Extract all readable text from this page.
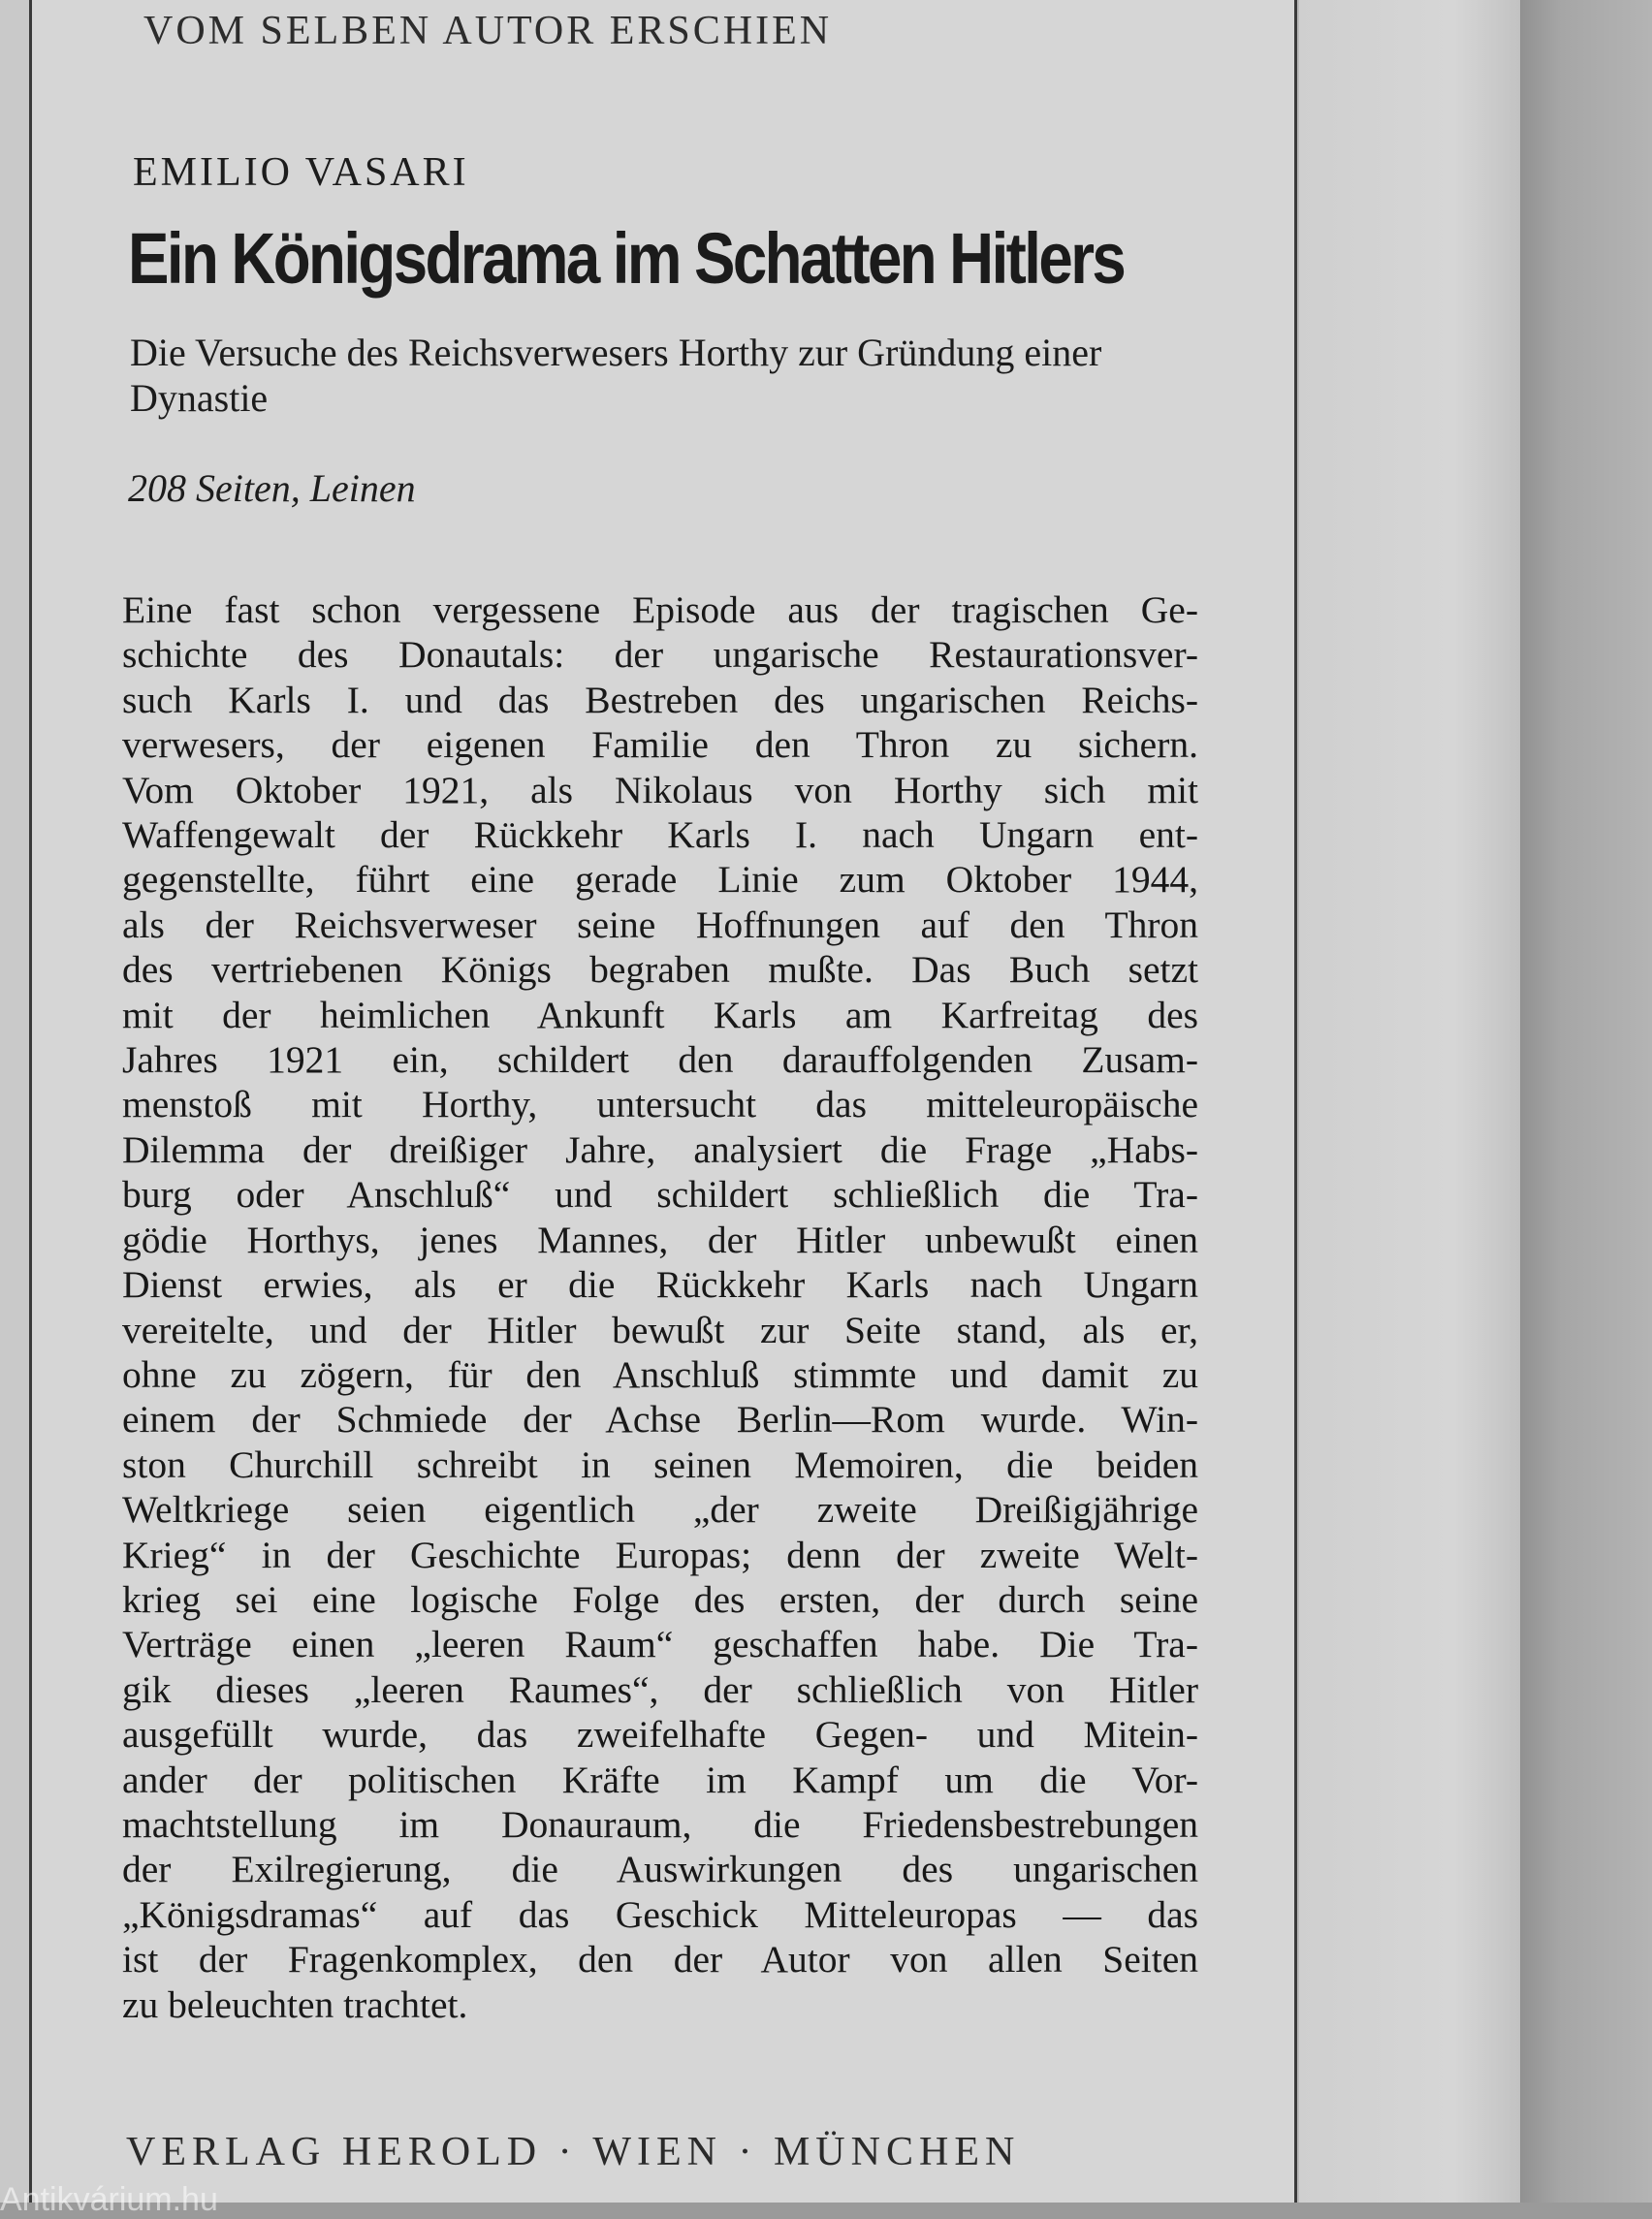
VOM SELBEN AUTOR ERSCHIEN
EMILIO VASARI
Ein Königsdrama im Schatten Hitlers
Die Versuche des Reichsverwesers Horthy zur Gründung einer Dynastie
208 Seiten, Leinen
Eine fast schon vergessene Episode aus der tragischen Ge-
schichte des Donautals: der ungarische Restaurationsver-
such Karls I. und das Bestreben des ungarischen Reichs-
verwesers, der eigenen Familie den Thron zu sichern.
Vom Oktober 1921, als Nikolaus von Horthy sich mit
Waffengewalt der Rückkehr Karls I. nach Ungarn ent-
gegenstellte, führt eine gerade Linie zum Oktober 1944,
als der Reichsverweser seine Hoffnungen auf den Thron
des vertriebenen Königs begraben mußte. Das Buch setzt
mit der heimlichen Ankunft Karls am Karfreitag des
Jahres 1921 ein, schildert den darauffolgenden Zusam-
menstoß mit Horthy, untersucht das mitteleuropäische
Dilemma der dreißiger Jahre, analysiert die Frage „Habs-
burg oder Anschluß“ und schildert schließlich die Tra-
gödie Horthys, jenes Mannes, der Hitler unbewußt einen
Dienst erwies, als er die Rückkehr Karls nach Ungarn
vereitelte, und der Hitler bewußt zur Seite stand, als er,
ohne zu zögern, für den Anschluß stimmte und damit zu
einem der Schmiede der Achse Berlin—Rom wurde. Win-
ston Churchill schreibt in seinen Memoiren, die beiden
Weltkriege seien eigentlich „der zweite Dreißigjährige
Krieg“ in der Geschichte Europas; denn der zweite Welt-
krieg sei eine logische Folge des ersten, der durch seine
Verträge einen „leeren Raum“ geschaffen habe. Die Tra-
gik dieses „leeren Raumes“, der schließlich von Hitler
ausgefüllt wurde, das zweifelhafte Gegen- und Mitein-
ander der politischen Kräfte im Kampf um die Vor-
machtstellung im Donauraum, die Friedensbestrebungen
der Exilregierung, die Auswirkungen des ungarischen
„Königsdramas“ auf das Geschick Mitteleuropas — das
ist der Fragenkomplex, den der Autor von allen Seiten
zu beleuchten trachtet.
VERLAG HEROLD · WIEN · MÜNCHEN
Antikvárium.hu
